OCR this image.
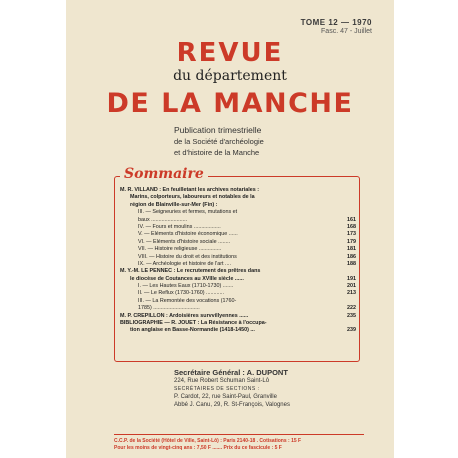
TOME 12 — 1970
Fasc. 47 - Juillet
REVUE
du département
DE LA MANCHE
Publication trimestrielle
de la Société d'archéologie
et d'histoire de la Manche
Sommaire
M. R. VILLAND : En feuilletant les archives notariales :
Marins, colporteurs, laboureurs et notables de la
région de Blainville-sur-Mer (Fin) :
III. — Seigneuries et fermes, mutations et
baux ........................	161
IV. — Fours et moulins ..................	168
V. — Éléments d'histoire économique ......	173
VI. — Éléments d'histoire sociale ........	179
VII. — Histoire religieuse ...............	181
VIII. — Histoire du droit et des institutions	186
IX. — Archéologie et histoire de l'art ....	188
M. Y.-M. LE PENNEC : Le recrutement des prêtres dans
le diocèse de Coutances au XVIIIe siècle ......	191
I. — Les Hautes Eaux (1710-1730) .......	201
II. — Le Reflux (1730-1760) ............	213
III. — La Remontée des vocations (1760-
1785) ...............................	222
M. P. CRÉPILLON : Ardoisières survvillyennes ......	235
BIBLIOGRAPHIE — R. JOUET : La Résistance à l'occupa-
tion anglaise en Basse-Normandie (1418-1450) ...	239
Secrétaire Général : A. DUPONT
224, Rue Robert Schuman Saint-Lô
SECRÉTAIRES DE SECTIONS :
P. Cardot, 22, rue Saint-Paul, Granville
Abbé J. Canu, 29, R. St-François, Valognes
C.C.P. de la Société (Hôtel de Ville, Saint-Lô) : Paris 2140-18 . Cotisations : 15 F
Pour les moins de vingt-cinq ans : 7,50 F ....... Prix du ce fascicule : 5 F
